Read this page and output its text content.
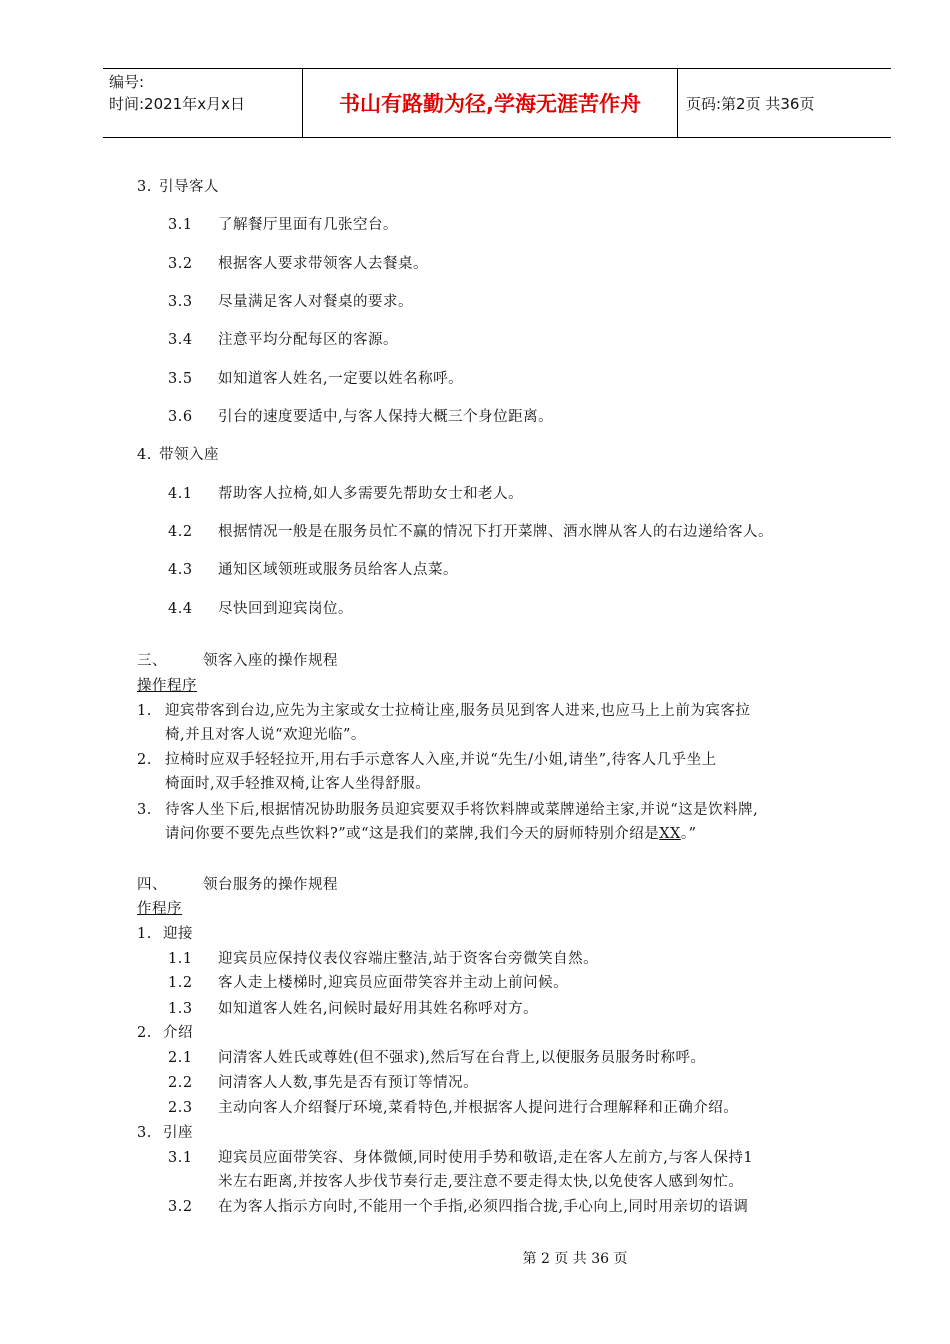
编号:
时间:2021年x月x日	书山有路勤为径,学海无涯苦作舟	页码:第2页 共36页
3. 引导客人
3.1 了解餐厅里面有几张空台。
3.2 根据客人要求带领客人去餐桌。
3.3 尽量满足客人对餐桌的要求。
3.4 注意平均分配每区的客源。
3.5 如知道客人姓名,一定要以姓名称呼。
3.6 引台的速度要适中,与客人保持大概三个身位距离。
4. 带领入座
4.1 帮助客人拉椅,如人多需要先帮助女士和老人。
4.2 根据情况一般是在服务员忙不赢的情况下打开菜牌、酒水牌从客人的右边递给客人。
4.3 通知区域领班或服务员给客人点菜。
4.4 尽快回到迎宾岗位。
三、 领客入座的操作规程
操作程序
1. 迎宾带客到台边,应先为主家或女士拉椅让座,服务员见到客人进来,也应马上上前为宾客拉
椅,并且对客人说“欢迎光临”。
2. 拉椅时应双手轻轻拉开,用右手示意客人入座,并说“先生/小姐,请坐”,待客人几乎坐上
椅面时,双手轻推双椅,让客人坐得舒服。
3. 待客人坐下后,根据情况协助服务员迎宾要双手将饮料牌或菜牌递给主家,并说“这是饮料牌,
请问你要不要先点些饮料?”或“这是我们的菜牌,我们今天的厨师特别介绍是XX。”
四、 领台服务的操作规程
作程序
1. 迎接
1.1 迎宾员应保持仪表仪容端庄整洁,站于资客台旁微笑自然。
1.2 客人走上楼梯时,迎宾员应面带笑容并主动上前问候。
1.3 如知道客人姓名,问候时最好用其姓名称呼对方。
2. 介绍
2.1 问清客人姓氏或尊姓(但不强求),然后写在台背上,以便服务员服务时称呼。
2.2 问清客人人数,事先是否有预订等情况。
2.3 主动向客人介绍餐厅环境,菜肴特色,并根据客人提问进行合理解释和正确介绍。
3. 引座
3.1 迎宾员应面带笑容、身体微倾,同时使用手势和敬语,走在客人左前方,与客人保持1
米左右距离,并按客人步伐节奏行走,要注意不要走得太快,以免使客人感到匆忙。
3.2 在为客人指示方向时,不能用一个手指,必须四指合拢,手心向上,同时用亲切的语调
第 2 页 共 36 页
